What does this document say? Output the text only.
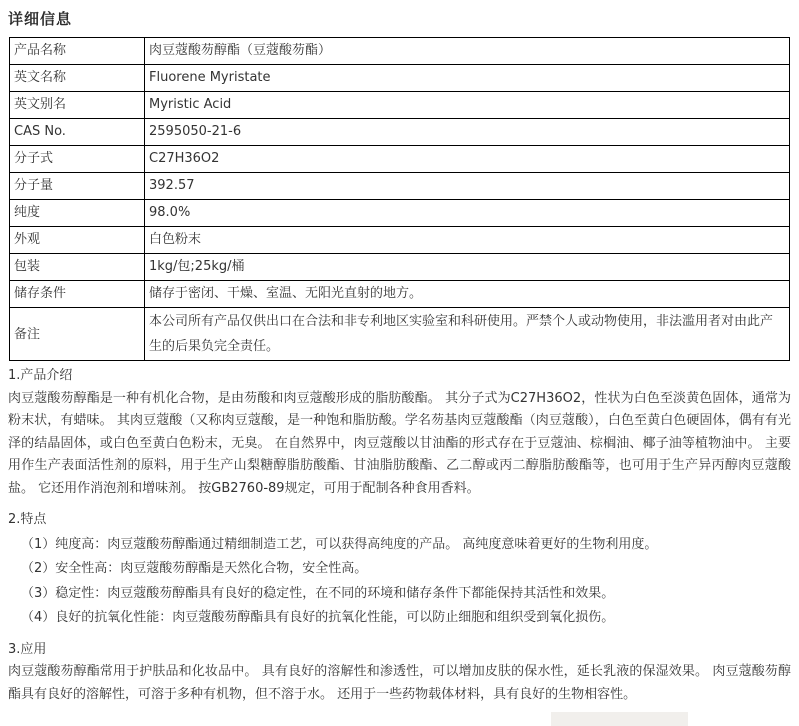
详细信息
产品名称	肉豆蔻酸芴醇酯（豆蔻酸芴酯）
英文名称	Fluorene Myristate
英文别名	Myristic Acid
CAS No.	2595050-21-6
分子式	C27H36O2
分子量	392.57
纯度	98.0%
外观	白色粉末
包装	1kg/包;25kg/桶
储存条件	储存于密闭、干燥、室温、无阳光直射的地方。
备注	本公司所有产品仅供出口在合法和非专利地区实验室和科研使用。严禁个人或动物使用，非法滥用者对由此产生的后果负完全责任。
1.产品介绍
肉豆蔻酸芴醇酯是一种有机化合物，是由芴酸和肉豆蔻酸形成的脂肪酸酯。 其分子式为C27H36O2，性状为白色至淡黄色固体，通常为粉末状，有蜡味。 其肉豆蔻酸（又称肉豆蔻酸，是一种饱和脂肪酸。学名芴基肉豆蔻酸酯（肉豆蔻酸），白色至黄白色硬固体，偶有有光泽的结晶固体，或白色至黄白色粉末，无臭。 在自然界中，肉豆蔻酸以甘油酯的形式存在于豆蔻油、棕榈油、椰子油等植物油中。 主要用作生产表面活性剂的原料，用于生产山梨糖醇脂肪酸酯、甘油脂肪酸酯、乙二醇或丙二醇脂肪酸酯等，也可用于生产异丙醇肉豆蔻酸盐。 它还用作消泡剂和增味剂。 按GB2760-89规定，可用于配制各种食用香料。
2.特点
（1）纯度高：肉豆蔻酸芴醇酯通过精细制造工艺，可以获得高纯度的产品。 高纯度意味着更好的生物利用度。
（2）安全性高：肉豆蔻酸芴醇酯是天然化合物，安全性高。
（3）稳定性：肉豆蔻酸芴醇酯具有良好的稳定性，在不同的环境和储存条件下都能保持其活性和效果。
（4）良好的抗氧化性能：肉豆蔻酸芴醇酯具有良好的抗氧化性能，可以防止细胞和组织受到氧化损伤。
3.应用
肉豆蔻酸芴醇酯常用于护肤品和化妆品中。 具有良好的溶解性和渗透性，可以增加皮肤的保水性，延长乳液的保湿效果。 肉豆蔻酸芴醇酯具有良好的溶解性，可溶于多种有机物，但不溶于水。 还用于一些药物载体材料，具有良好的生物相容性。
